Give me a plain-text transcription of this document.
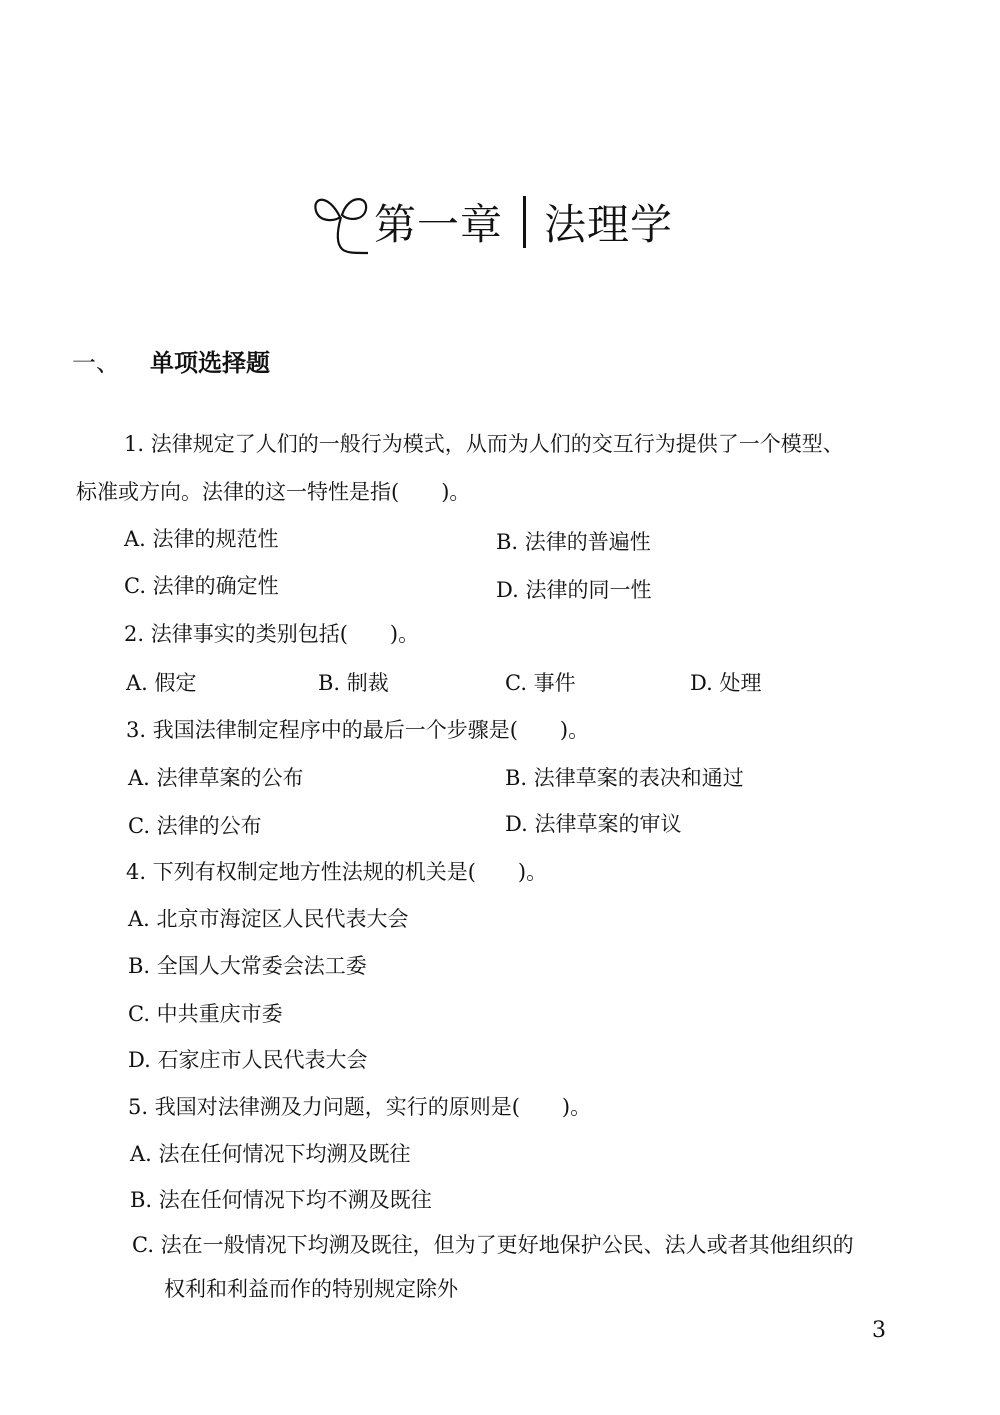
第一章 法理学
一、 单项选择题
1. 法律规定了人们的一般行为模式，从而为人们的交互行为提供了一个模型、
标准或方向。法律的这一特性是指(　　)。
A. 法律的规范性	B. 法律的普遍性
C. 法律的确定性	D. 法律的同一性
2. 法律事实的类别包括(　　)。
A. 假定	B. 制裁	C. 事件	D. 处理
3. 我国法律制定程序中的最后一个步骤是(　　)。
A. 法律草案的公布	B. 法律草案的表决和通过
C. 法律的公布	D. 法律草案的审议
4. 下列有权制定地方性法规的机关是(　　)。
A. 北京市海淀区人民代表大会
B. 全国人大常委会法工委
C. 中共重庆市委
D. 石家庄市人民代表大会
5. 我国对法律溯及力问题，实行的原则是(　　)。
A. 法在任何情况下均溯及既往
B. 法在任何情况下均不溯及既往
C. 法在一般情况下均溯及既往，但为了更好地保护公民、法人或者其他组织的
权利和利益而作的特别规定除外
3
